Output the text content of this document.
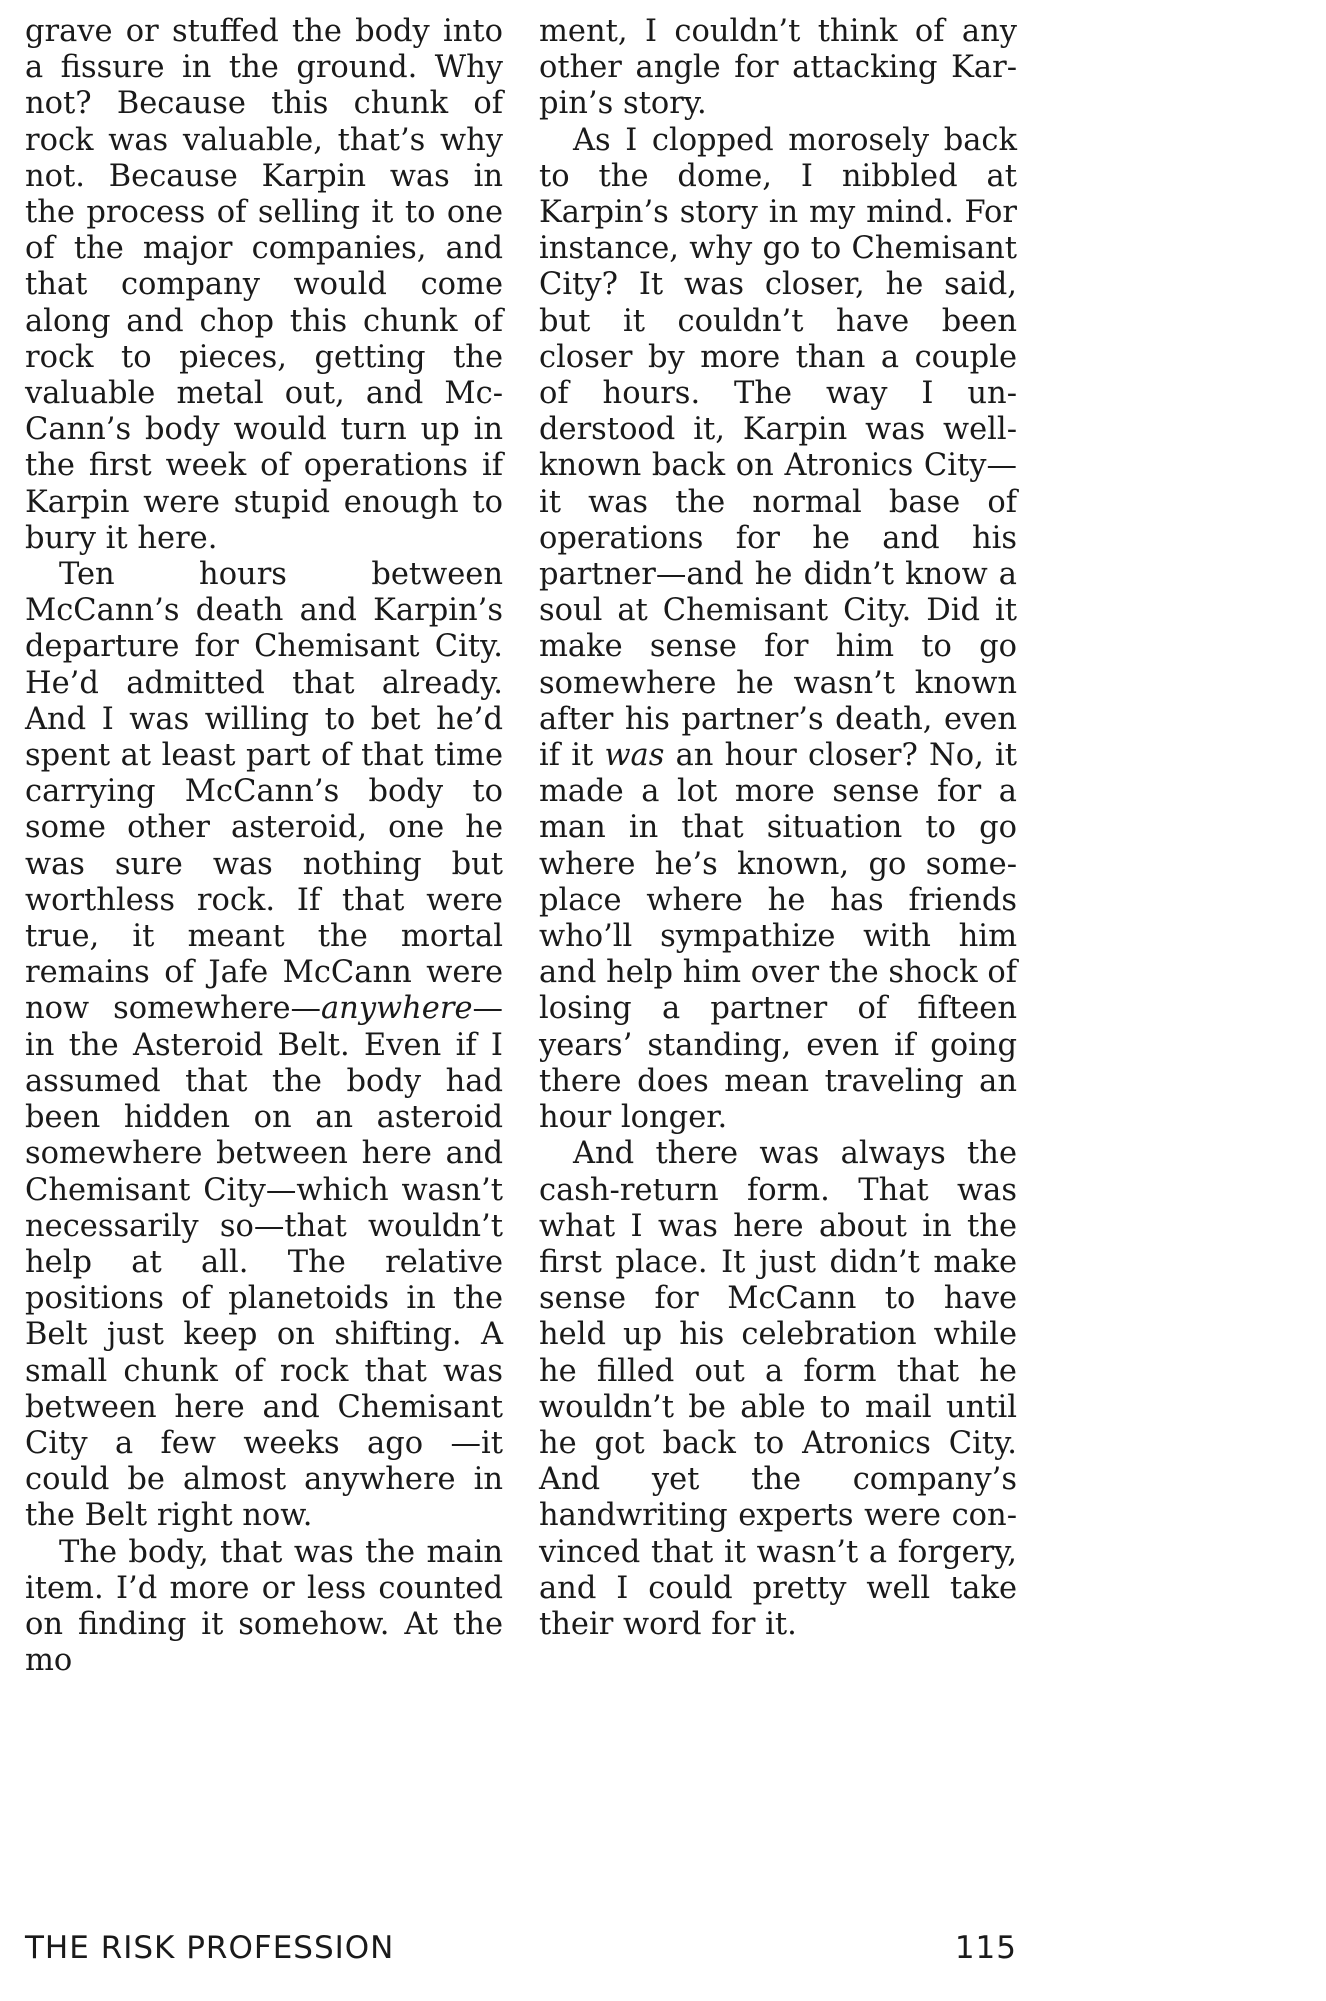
grave or stuffed the body into a fissure in the ground. Why not? Because this chunk of rock was valuable, that’s why not. Because Karpin was in the process of selling it to one of the major companies, and that company would come along and chop this chunk of rock to pieces, getting the valuable metal out, and McCann’s body would turn up in the first week of operations if Karpin were stupid enough to bury it here.

Ten hours between McCann’s death and Karpin’s departure for Chemisant City. He’d admitted that already. And I was willing to bet he’d spent at least part of that time carrying McCann’s body to some other asteroid, one he was sure was nothing but worthless rock. If that were true, it meant the mortal remains of Jafe McCann were now somewhere—anywhere—in the Asteroid Belt. Even if I assumed that the body had been hidden on an asteroid somewhere between here and Chemisant City—which wasn’t necessarily so—that wouldn’t help at all. The relative positions of planetoids in the Belt just keep on shifting. A small chunk of rock that was between here and Chemisant City a few weeks ago —it could be almost anywhere in the Belt right now.

The body, that was the main item. I’d more or less counted on finding it somehow. At the mo

ment, I couldn’t think of any other angle for attacking Karpin’s story.

As I clopped morosely back to the dome, I nibbled at Karpin’s story in my mind. For instance, why go to Chemisant City? It was closer, he said, but it couldn’t have been closer by more than a couple of hours. The way I understood it, Karpin was well-known back on Atronics City—it was the normal base of operations for he and his partner—and he didn’t know a soul at Chemisant City. Did it make sense for him to go somewhere he wasn’t known after his partner’s death, even if it was an hour closer? No, it made a lot more sense for a man in that situation to go where he’s known, go someplace where he has friends who’ll sympathize with him and help him over the shock of losing a partner of fifteen years’ standing, even if going there does mean traveling an hour longer.

And there was always the cash-return form. That was what I was here about in the first place. It just didn’t make sense for McCann to have held up his celebration while he filled out a form that he wouldn’t be able to mail until he got back to Atronics City. And yet the company’s handwriting experts were convinced that it wasn’t a forgery, and I could pretty well take their word for it.

THE RISK PROFESSION	115
